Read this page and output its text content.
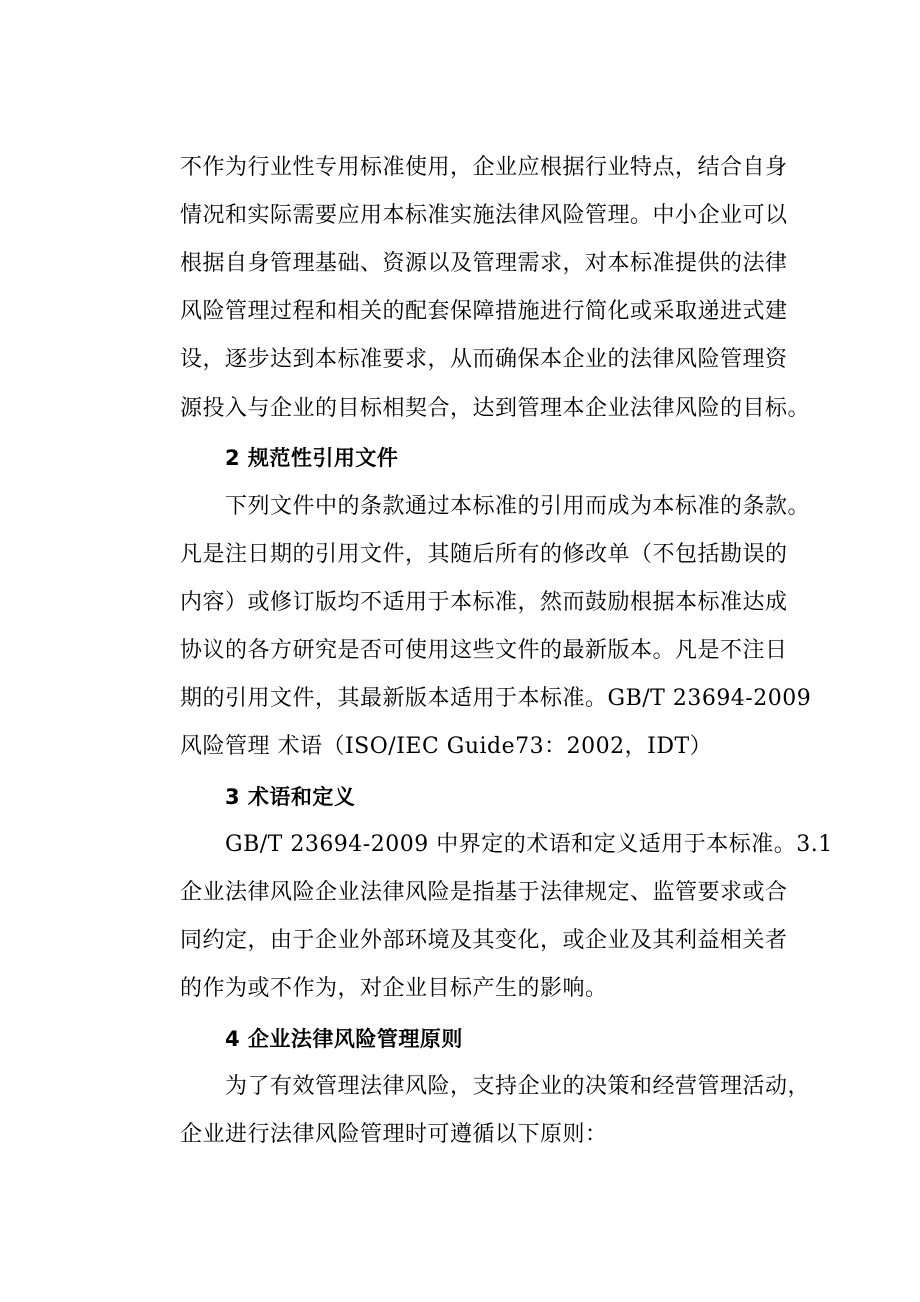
不作为行业性专用标准使用，企业应根据行业特点，结合自身
情况和实际需要应用本标准实施法律风险管理。中小企业可以
根据自身管理基础、资源以及管理需求，对本标准提供的法律
风险管理过程和相关的配套保障措施进行简化或采取递进式建
设，逐步达到本标准要求，从而确保本企业的法律风险管理资
源投入与企业的目标相契合，达到管理本企业法律风险的目标。
2 规范性引用文件
下列文件中的条款通过本标准的引用而成为本标准的条款。
凡是注日期的引用文件，其随后所有的修改单（不包括勘误的
内容）或修订版均不适用于本标准，然而鼓励根据本标准达成
协议的各方研究是否可使用这些文件的最新版本。凡是不注日
期的引用文件，其最新版本适用于本标准。GB/T 23694-2009
风险管理 术语（ISO/IEC Guide73：2002，IDT）
3 术语和定义
GB/T 23694-2009 中界定的术语和定义适用于本标准。3.1
企业法律风险企业法律风险是指基于法律规定、监管要求或合
同约定，由于企业外部环境及其变化，或企业及其利益相关者
的作为或不作为，对企业目标产生的影响。
4 企业法律风险管理原则
为了有效管理法律风险，支持企业的决策和经营管理活动，
企业进行法律风险管理时可遵循以下原则：
